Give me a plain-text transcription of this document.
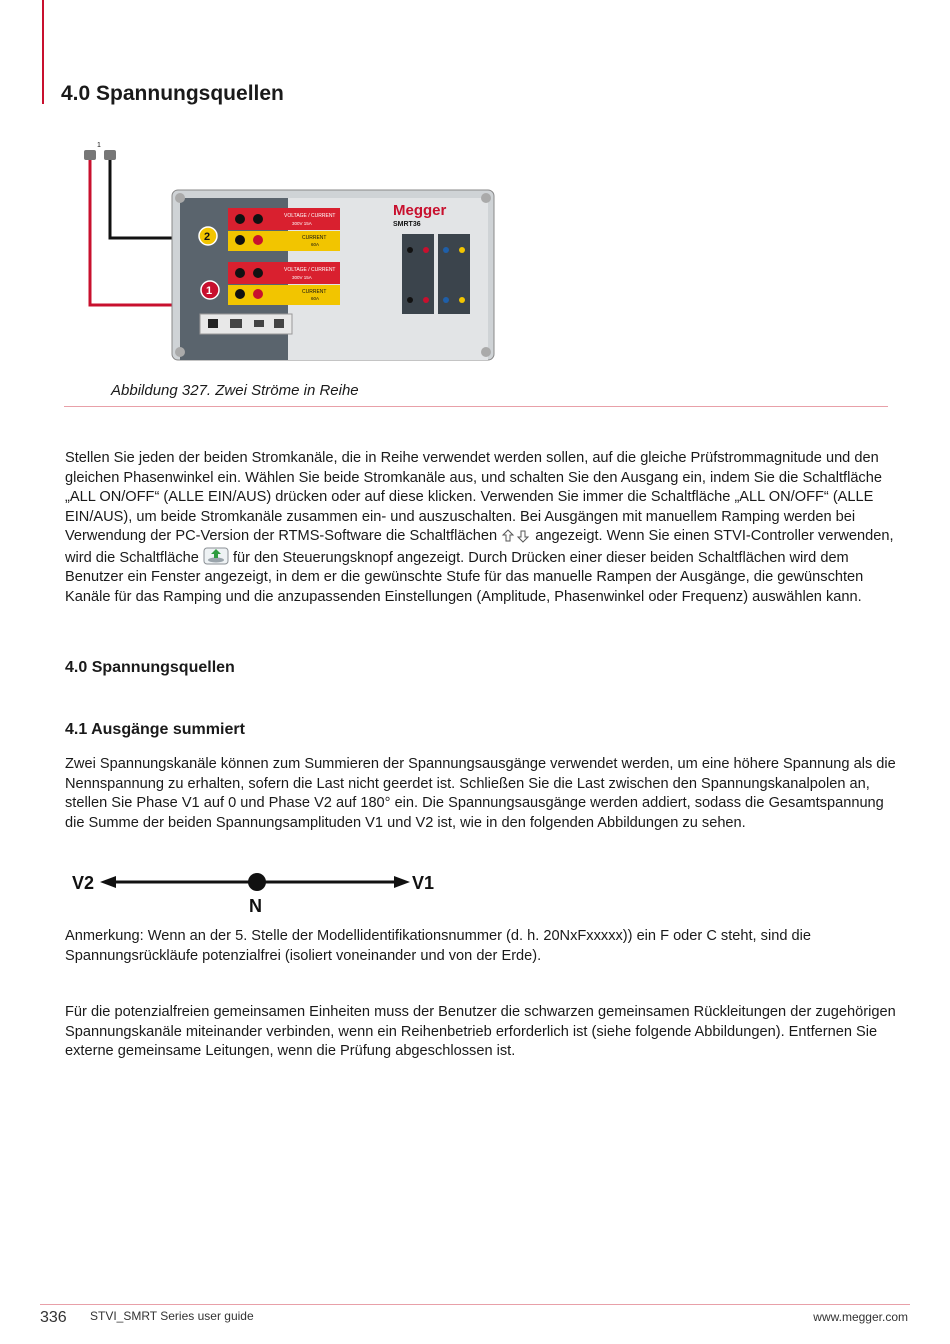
4.0 Spannungsquellen
1
VOLTAGE / CURRENT
300V 15A
CURRENT
60A
2
VOLTAGE / CURRENT
300V 15A
CURRENT
60A
1
Megger
SMRT36

Abbildung 327. Zwei Ströme in Reihe

Stellen Sie jeden der beiden Stromkanäle, die in Reihe verwendet werden sollen, auf die gleiche Prüfstrommagnitude und den gleichen Phasenwinkel ein. Wählen Sie beide Stromkanäle aus, und schalten Sie den Ausgang ein, indem Sie die Schaltfläche „ALL ON/OFF“ (ALLE EIN/AUS) drücken oder auf diese klicken. Verwenden Sie immer die Schaltfläche „ALL ON/OFF“ (ALLE EIN/AUS), um beide Stromkanäle zusammen ein- und auszuschalten. Bei Ausgängen mit manuellem Ramping werden bei Verwendung der PC-Version der RTMS-Software die Schaltflächen	angezeigt. Wenn Sie einen STVI-Controller verwenden, wird die Schaltfläche für den Steuerungsknopf angezeigt. Durch Drücken einer dieser beiden Schaltflächen wird dem Benutzer ein Fenster angezeigt, in dem er die gewünschte Stufe für das manuelle Rampen der Ausgänge, die gewünschten Kanäle für das Ramping und die anzupassenden Einstellungen (Amplitude, Phasenwinkel oder Frequenz) auswählen kann.

4.0 Spannungsquellen
4.1 Ausgänge summiert

Zwei Spannungskanäle können zum Summieren der Spannungsausgänge verwendet werden, um eine höhere Spannung als die Nennspannung zu erhalten, sofern die Last nicht geerdet ist. Schließen Sie die Last zwischen den Spannungskanalpolen an, stellen Sie Phase V1 auf 0 und Phase V2 auf 180° ein. Die Spannungsausgänge werden addiert, sodass die Gesamtspannung die Summe der beiden Spannungsamplituden V1 und V2 ist, wie in den folgenden Abbildungen zu sehen.

V2	V1
N

Anmerkung: Wenn an der 5. Stelle der Modellidentifikationsnummer (d. h. 20NxFxxxxx)) ein F oder C steht, sind die Spannungsrückläufe potenzialfrei (isoliert voneinander und von der Erde).

Für die potenzialfreien gemeinsamen Einheiten muss der Benutzer die schwarzen gemeinsamen Rückleitungen der zugehörigen Spannungskanäle miteinander verbinden, wenn ein Reihenbetrieb erforderlich ist (siehe folgende Abbildungen). Entfernen Sie externe gemeinsame Leitungen, wenn die Prüfung abgeschlossen ist.

336 STVI_SMRT Series user guide	www.megger.com
